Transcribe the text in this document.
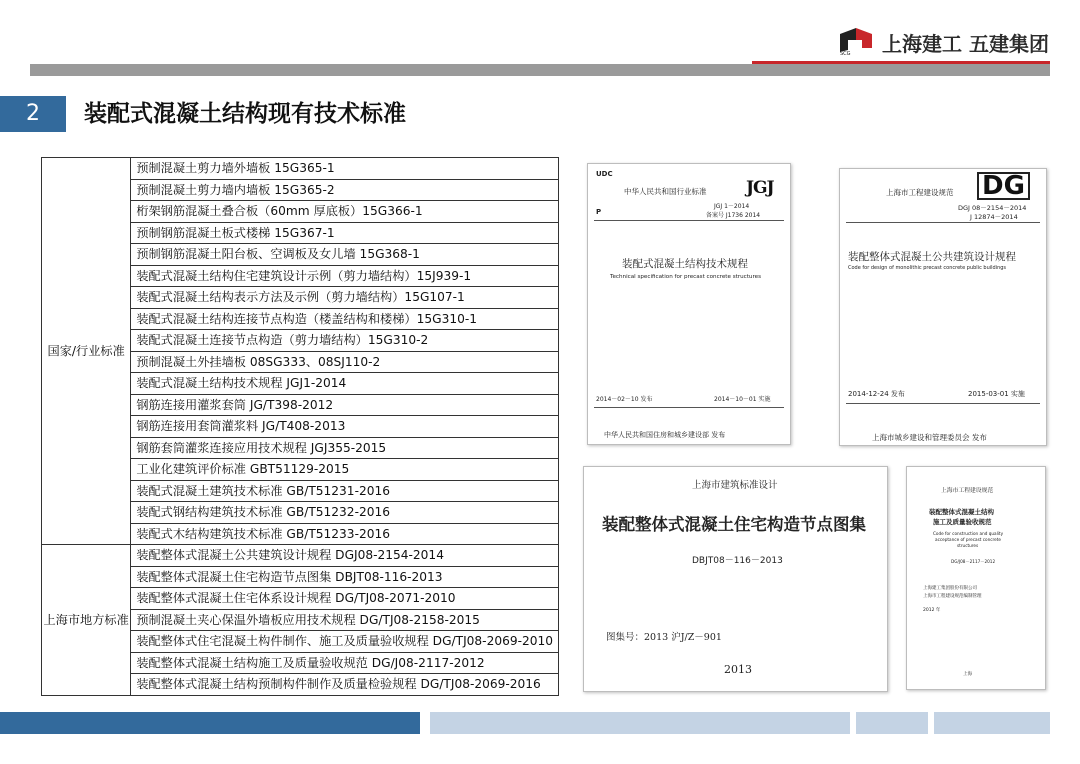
SCG 上海建工 五建集团
2	装配式混凝土结构现有技术标准
国家/行业标准	预制混凝土剪力墙外墙板 15G365-1
	预制混凝土剪力墙内墙板 15G365-2
	桁架钢筋混凝土叠合板（60mm 厚底板）15G366-1
	预制钢筋混凝土板式楼梯 15G367-1
	预制钢筋混凝土阳台板、空调板及女儿墙 15G368-1
	装配式混凝土结构住宅建筑设计示例（剪力墙结构）15J939-1
	装配式混凝土结构表示方法及示例（剪力墙结构）15G107-1
	装配式混凝土结构连接节点构造（楼盖结构和楼梯）15G310-1
	装配式混凝土连接节点构造（剪力墙结构）15G310-2
	预制混凝土外挂墙板 08SG333、08SJ110-2
	装配式混凝土结构技术规程 JGJ1-2014
	钢筋连接用灌浆套筒 JG/T398-2012
	钢筋连接用套筒灌浆料 JG/T408-2013
	钢筋套筒灌浆连接应用技术规程 JGJ355-2015
	工业化建筑评价标准 GBT51129-2015
	装配式混凝土建筑技术标准 GB/T51231-2016
	装配式钢结构建筑技术标准 GB/T51232-2016
	装配式木结构建筑技术标准 GB/T51233-2016
上海市地方标准	装配整体式混凝土公共建筑设计规程 DGJ08-2154-2014
	装配整体式混凝土住宅构造节点图集 DBJT08-116-2013
	装配整体式混凝土住宅体系设计规程 DG/TJ08-2071-2010
	预制混凝土夹心保温外墙板应用技术规程 DG/TJ08-2158-2015
	装配整体式住宅混凝土构件制作、施工及质量验收规程 DG/TJ08-2069-2010
	装配整体式混凝土结构施工及质量验收规范 DG/J08-2117-2012
	装配整体式混凝土结构预制构件制作及质量检验规程 DG/TJ08-2069-2016
UDC
中华人民共和国行业标准 JGJ
P
JGJ 1－2014
备案号 J1736 2014
装配式混凝土结构技术规程
Technical specification for precast concrete structures
2014－02－10 发布	2014－10－01 实施
中华人民共和国住房和城乡建设部 发布
上海市工程建设规范 DG
DGJ 08－2154－2014
J 12874－2014
装配整体式混凝土公共建筑设计规程
Code for design of monolithic precast concrete public buildings
2014-12-24 发布	2015-03-01 实施
上海市城乡建设和管理委员会 发布
上海市建筑标准设计
装配整体式混凝土住宅构造节点图集
DBJT08－116－2013
图集号：2013 沪J/Z－901
2013
上海市工程建设规范
装配整体式混凝土结构
施工及质量验收规范
Code for construction and quality
acceptance of precast concrete
structures
DG/J08－2117－2012
上海建工集团股份有限公司
上海市工程建设规范编制管理
2012 年
上海
